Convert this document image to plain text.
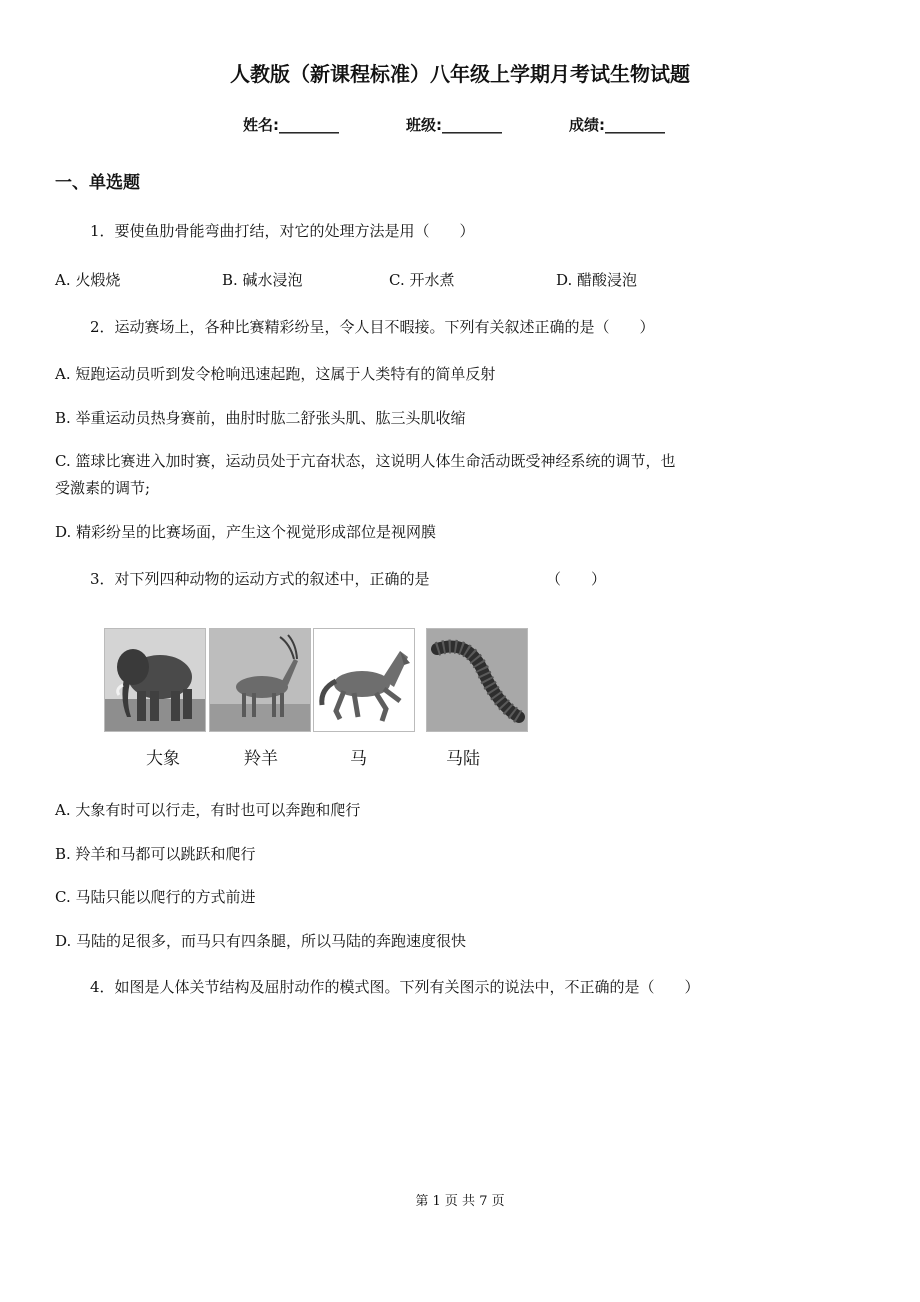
人教版（新课程标准）八年级上学期月考试生物试题
姓名:________	班级:________	成绩:________
一、单选题
1．要使鱼肋骨能弯曲打结，对它的处理方法是用（　　）
A. 火煅烧	B. 碱水浸泡	C. 开水煮	D. 醋酸浸泡
2．运动赛场上，各种比赛精彩纷呈，令人目不暇接。下列有关叙述正确的是（　　）
A. 短跑运动员听到发令枪响迅速起跑，这属于人类特有的简单反射
B. 举重运动员热身赛前，曲肘时肱二舒张头肌、肱三头肌收缩
C. 篮球比赛进入加时赛，运动员处于亢奋状态，这说明人体生命活动既受神经系统的调节，也
受激素的调节;
D. 精彩纷呈的比赛场面，产生这个视觉形成部位是视网膜
3．对下列四种动物的运动方式的叙述中，正确的是	（　　）
大象	羚羊	马	马陆
A. 大象有时可以行走，有时也可以奔跑和爬行
B. 羚羊和马都可以跳跃和爬行
C. 马陆只能以爬行的方式前进
D. 马陆的足很多，而马只有四条腿，所以马陆的奔跑速度很快
4．如图是人体关节结构及屈肘动作的模式图。下列有关图示的说法中，不正确的是（　　）
第 1 页 共 7 页
